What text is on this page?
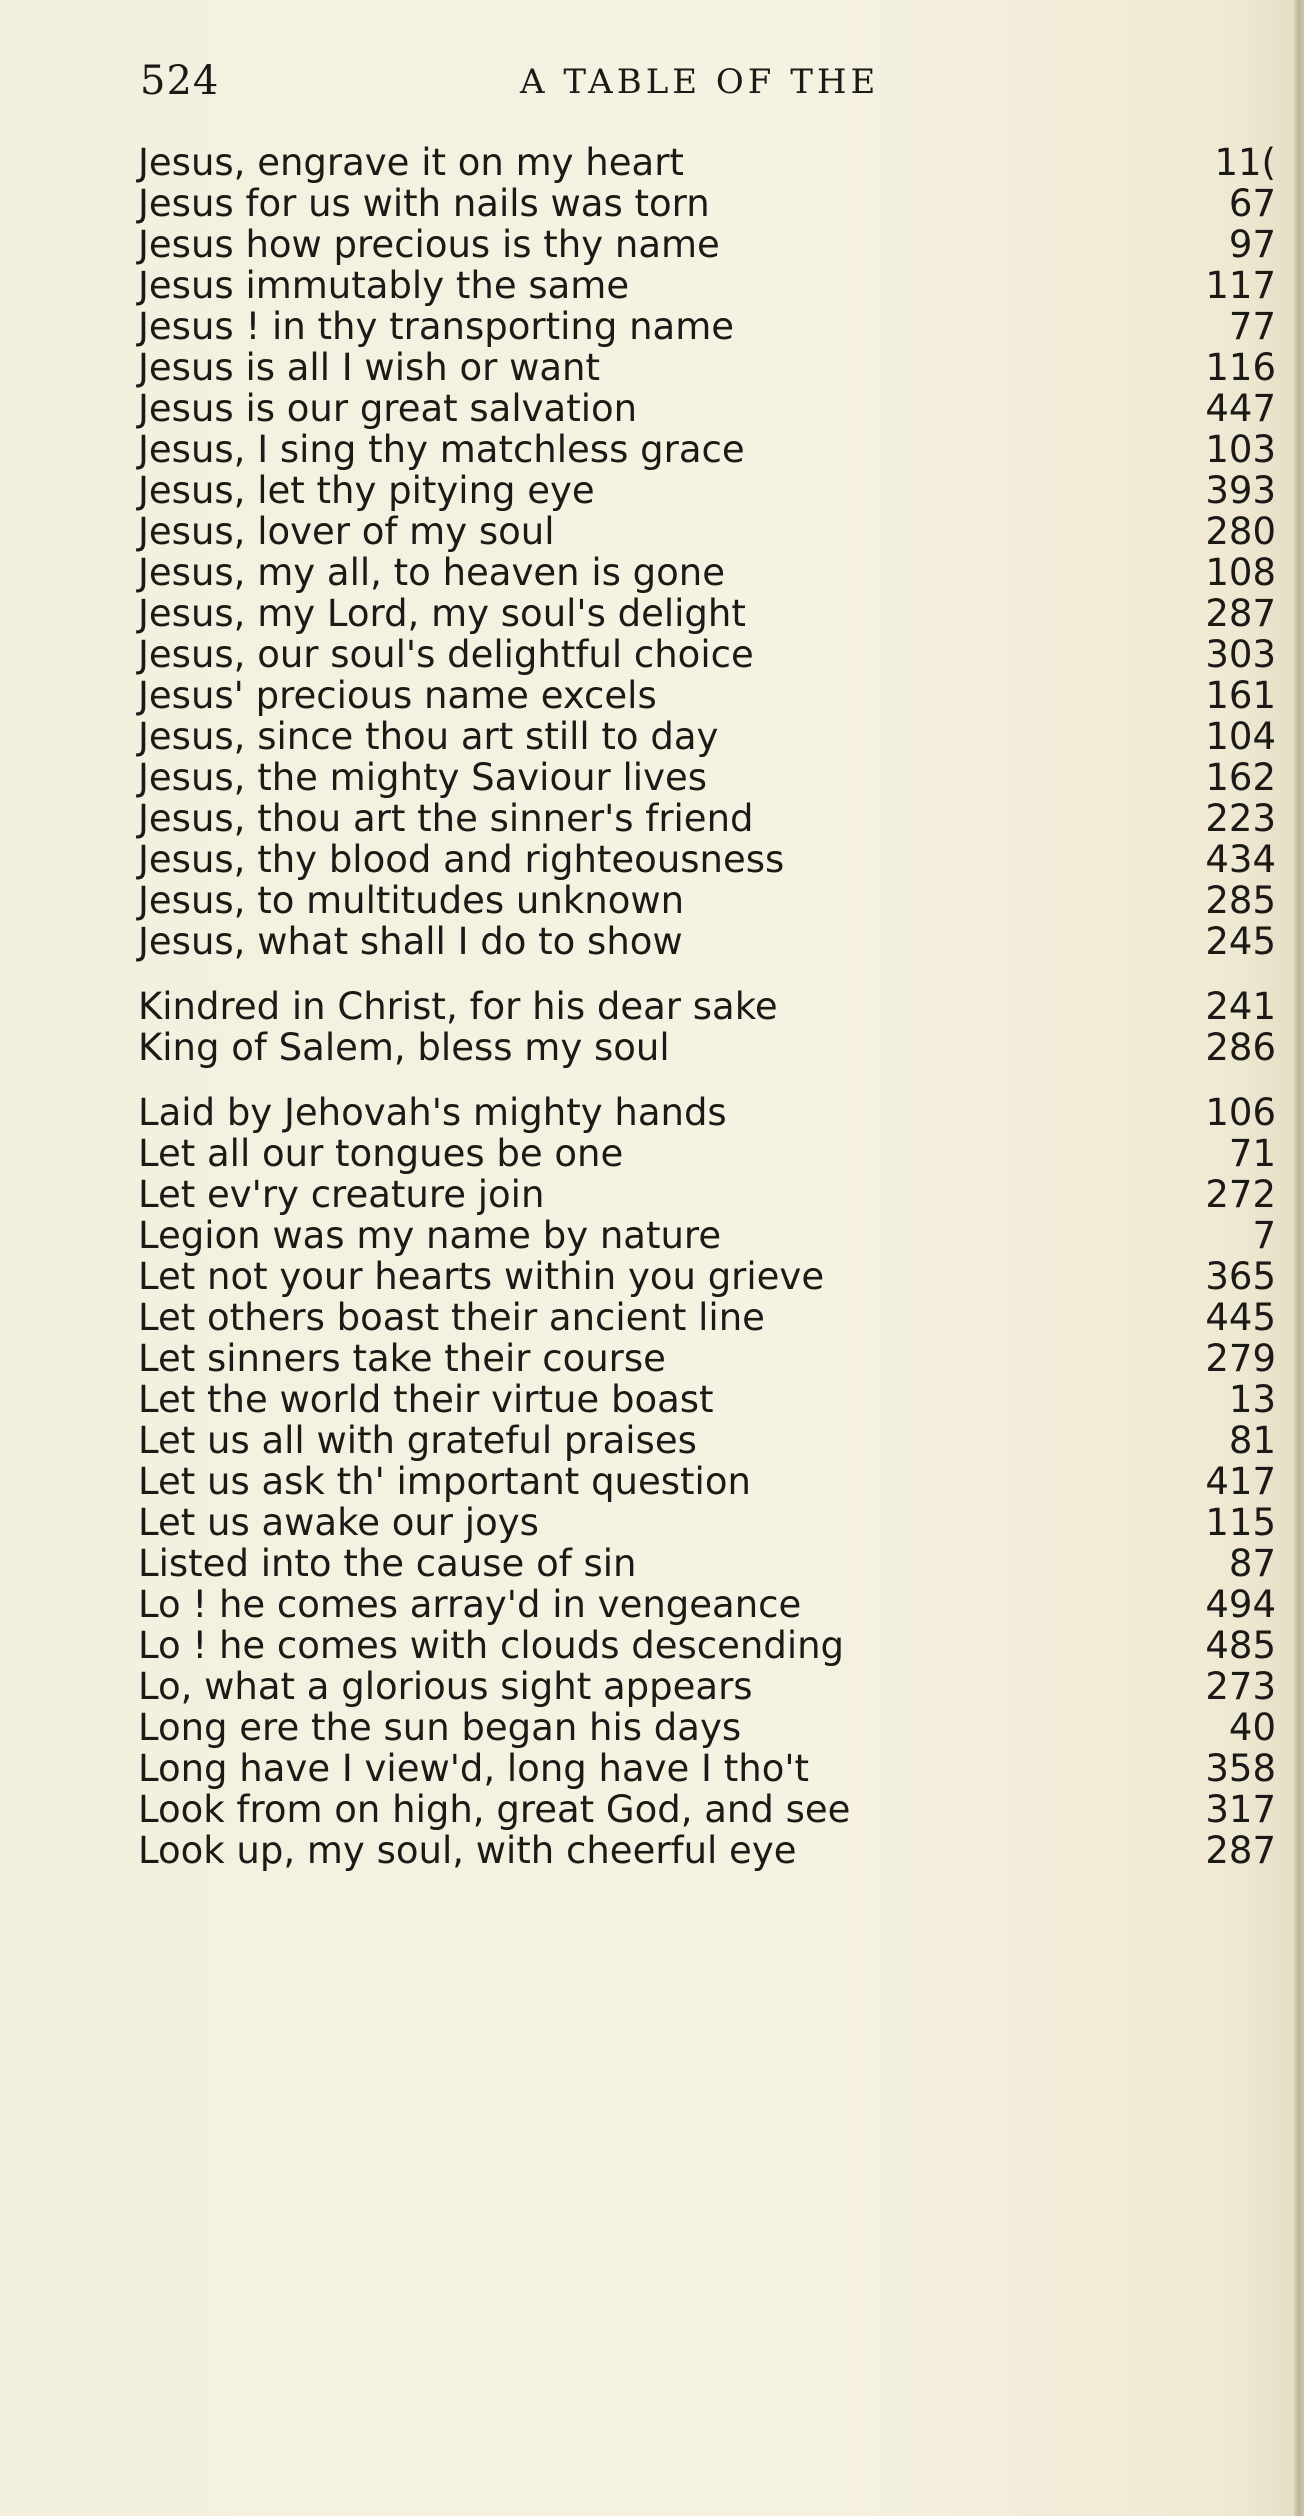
524	A TABLE OF THE
Jesus, engrave it on my heart	11(
Jesus for us with nails was torn	67
Jesus how precious is thy name	97
Jesus immutably the same	117
Jesus ! in thy transporting name	77
Jesus is all I wish or want	116
Jesus is our great salvation	447
Jesus, I sing thy matchless grace	103
Jesus, let thy pitying eye	393
Jesus, lover of my soul	280
Jesus, my all, to heaven is gone	108
Jesus, my Lord, my soul's delight	287
Jesus, our soul's delightful choice	303
Jesus' precious name excels	161
Jesus, since thou art still to day	104
Jesus, the mighty Saviour lives	162
Jesus, thou art the sinner's friend	223
Jesus, thy blood and righteousness	434
Jesus, to multitudes unknown	285
Jesus, what shall I do to show	245
Kindred in Christ, for his dear sake	241
King of Salem, bless my soul	286
Laid by Jehovah's mighty hands	106
Let all our tongues be one	71
Let ev'ry creature join	272
Legion was my name by nature	7
Let not your hearts within you grieve	365
Let others boast their ancient line	445
Let sinners take their course	279
Let the world their virtue boast	13
Let us all with grateful praises	81
Let us ask th' important question	417
Let us awake our joys	115
Listed into the cause of sin	87
Lo ! he comes array'd in vengeance	494
Lo ! he comes with clouds descending	485
Lo, what a glorious sight appears	273
Long ere the sun began his days	40
Long have I view'd, long have I tho't	358
Look from on high, great God, and see	317
Look up, my soul, with cheerful eye	287
